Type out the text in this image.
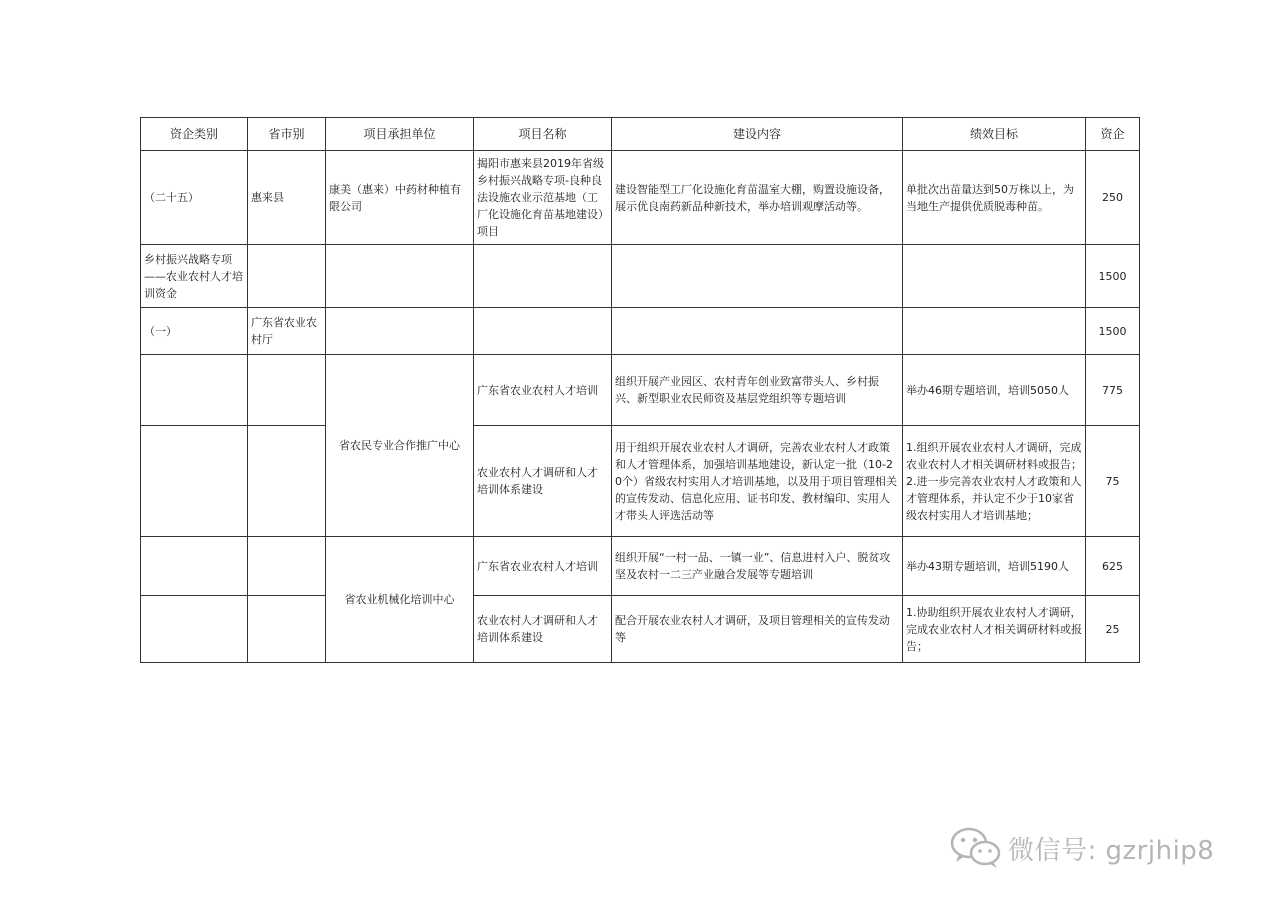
资企类别	省市别	项目承担单位	项目名称	建设内容	绩效目标	资企
（二十五）	惠来县	康美（惠来）中药材种植有限公司	揭阳市惠来县2019年省级乡村振兴战略专项-良种良法设施农业示范基地（工厂化设施化育苗基地建设）项目	建设智能型工厂化设施化育苗温室大棚，购置设施设备，展示优良南药新品种新技术，举办培训观摩活动等。	单批次出苗量达到50万株以上，为当地生产提供优质脱毒种苗。	250
乡村振兴战略专项——农业农村人才培训资金						1500
（一）	广东省农业农村厅					1500
		省农民专业合作推广中心	广东省农业农村人才培训	组织开展产业园区、农村青年创业致富带头人、乡村振兴、新型职业农民师资及基层党组织等专题培训	举办46期专题培训，培训5050人	775
			农业农村人才调研和人才培训体系建设	用于组织开展农业农村人才调研，完善农业农村人才政策和人才管理体系，加强培训基地建设，新认定一批（10-20个）省级农村实用人才培训基地，以及用于项目管理相关的宣传发动、信息化应用、证书印发、教材编印、实用人才带头人评选活动等	1.组织开展农业农村人才调研，完成农业农村人才相关调研材料或报告；2.进一步完善农业农村人才政策和人才管理体系，并认定不少于10家省级农村实用人才培训基地；	75
		省农业机械化培训中心	广东省农业农村人才培训	组织开展“一村一品、一镇一业”、信息进村入户、脱贫攻坚及农村一二三产业融合发展等专题培训	举办43期专题培训，培训5190人	625
			农业农村人才调研和人才培训体系建设	配合开展农业农村人才调研，及项目管理相关的宣传发动等	1.协助组织开展农业农村人才调研，完成农业农村人才相关调研材料或报告；	25
微信号: gzrjhip8
